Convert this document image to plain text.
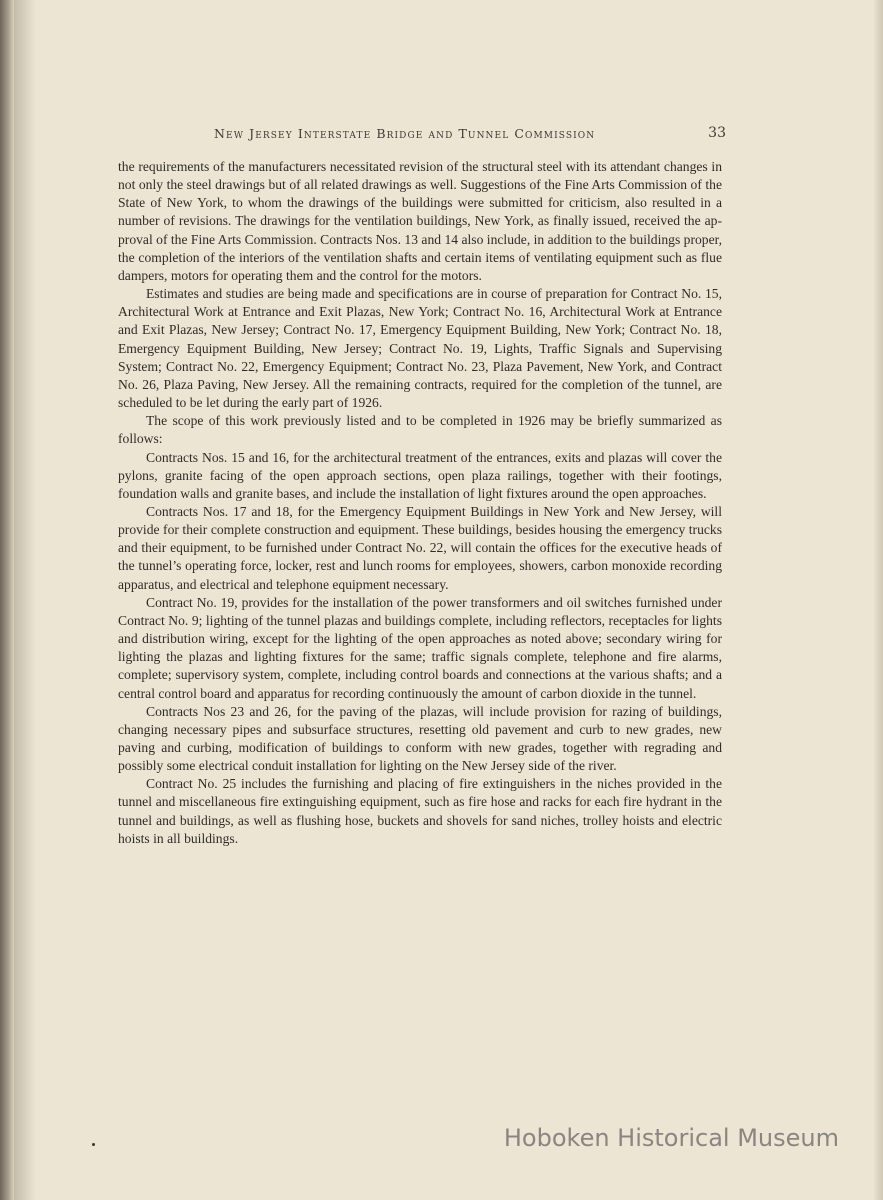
New Jersey Interstate Bridge and Tunnel Commission	33

the requirements of the manufacturers necessitated revision of the structural steel with its attendant changes in not only the steel drawings but of all related drawings as well. Suggestions of the Fine Arts Commission of the State of New York, to whom the drawings of the buildings were submitted for criticism, also resulted in a number of revisions. The drawings for the ventilation buildings, New York, as finally issued, received the approval of the Fine Arts Commission. Contracts Nos. 13 and 14 also include, in addition to the buildings proper, the completion of the interiors of the ventilation shafts and certain items of ventilating equipment such as flue dampers, motors for operating them and the control for the motors.

Estimates and studies are being made and specifications are in course of preparation for Contract No. 15, Architectural Work at Entrance and Exit Plazas, New York; Contract No. 16, Architectural Work at Entrance and Exit Plazas, New Jersey; Contract No. 17, Emergency Equipment Building, New York; Contract No. 18, Emergency Equipment Building, New Jersey; Contract No. 19, Lights, Traffic Signals and Supervising System; Contract No. 22, Emergency Equipment; Contract No. 23, Plaza Pavement, New York, and Contract No. 26, Plaza Paving, New Jersey. All the remaining contracts, required for the completion of the tunnel, are scheduled to be let during the early part of 1926.

The scope of this work previously listed and to be completed in 1926 may be briefly summarized as follows:

Contracts Nos. 15 and 16, for the architectural treatment of the entrances, exits and plazas will cover the pylons, granite facing of the open approach sections, open plaza railings, together with their footings, foundation walls and granite bases, and include the installation of light fixtures around the open approaches.

Contracts Nos. 17 and 18, for the Emergency Equipment Buildings in New York and New Jersey, will provide for their complete construction and equipment. These buildings, besides housing the emergency trucks and their equipment, to be furnished under Contract No. 22, will contain the offices for the executive heads of the tunnel’s operating force, locker, rest and lunch rooms for employees, showers, carbon monoxide recording apparatus, and electrical and telephone equipment necessary.

Contract No. 19, provides for the installation of the power transformers and oil switches furnished under Contract No. 9; lighting of the tunnel plazas and buildings complete, including reflectors, receptacles for lights and distribution wiring, except for the lighting of the open approaches as noted above; secondary wiring for lighting the plazas and lighting fixtures for the same; traffic signals complete, telephone and fire alarms, complete; supervisory system, complete, including control boards and connections at the various shafts; and a central control board and apparatus for recording continuously the amount of carbon dioxide in the tunnel.

Contracts Nos 23 and 26, for the paving of the plazas, will include provision for razing of buildings, changing necessary pipes and subsurface structures, resetting old pavement and curb to new grades, new paving and curbing, modification of buildings to conform with new grades, together with regrading and possibly some electrical conduit installation for lighting on the New Jersey side of the river.

Contract No. 25 includes the furnishing and placing of fire extinguishers in the niches provided in the tunnel and miscellaneous fire extinguishing equipment, such as fire hose and racks for each fire hydrant in the tunnel and buildings, as well as flushing hose, buckets and shovels for sand niches, trolley hoists and electric hoists in all buildings.

Hoboken Historical Museum
